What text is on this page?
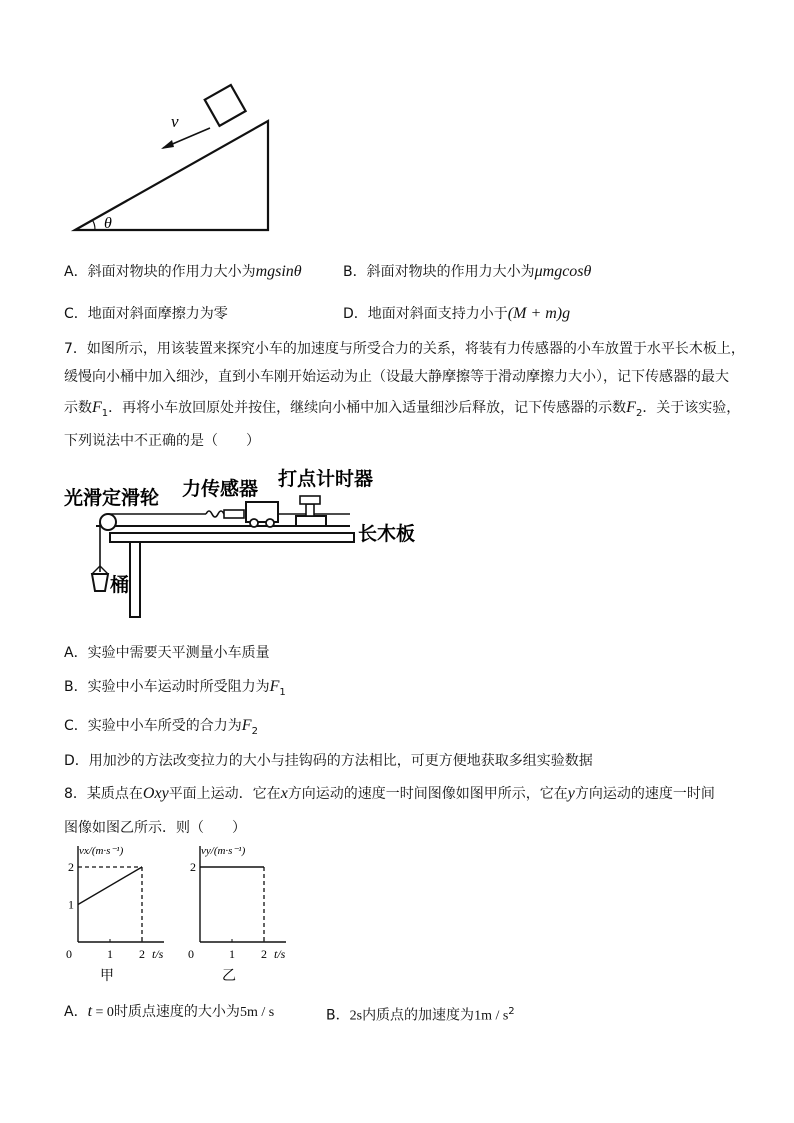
v
θ
A．斜面对物块的作用力大小为mgsinθ	B．斜面对物块的作用力大小为μmgcosθ
C．地面对斜面摩擦力为零	D．地面对斜面支持力小于(M + m)g
7．如图所示，用该装置来探究小车的加速度与所受合力的关系，将装有力传感器的小车放置于水平长木板上，
缓慢向小桶中加入细沙，直到小车刚开始运动为止（设最大静摩擦等于滑动摩擦力大小），记下传感器的最大
示数$F_1$．再将小车放回原处并按住，继续向小桶中加入适量细沙后释放，记下传感器的示数$F_2$．关于该实验，
下列说法中不正确的是（　　）
光滑定滑轮 力传感器 打点计时器
长木板
桶
A．实验中需要天平测量小车质量
B．实验中小车运动时所受阻力为$F_1$
C．实验中小车所受的合力为$F_2$
D．用加沙的方法改变拉力的大小与挂钩码的方法相比，可更方便地获取多组实验数据
8．某质点在Oxy平面上运动．它在x方向运动的速度一时间图像如图甲所示，它在y方向运动的速度一时间
图像如图乙所示．则（　　）
vx/(m·s⁻¹)
t/s
0	1 2
1
2
甲
vy/(m·s⁻¹)
t/s
0	1 2
2
乙
A．t = 0时质点速度的大小为5m / s	B．2s内质点的加速度为$1m / s^2$
